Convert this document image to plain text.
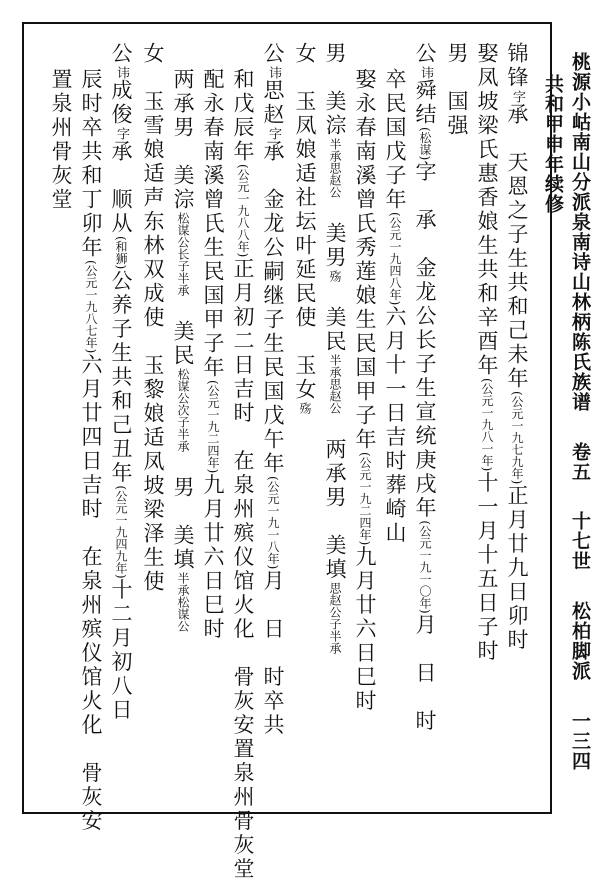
桃源小岵南山分派泉南诗山林柄陈氏族谱 卷五 十七世 松柏脚派 一三四 共和甲申年续修
锦锋字承　天恩之子生共和己未年(公元一九七九年)正月廿九日卯时
娶凤坡梁氏惠香娘生共和辛酉年(公元一九八一年)十一月十五日子时
男　国强
公讳舜结(松谋)字　承　金龙公长子生宣统庚戌年(公元一九一〇年)月　日　时
卒民国戊子年(公元一九四八年)六月十一日吉时葬崎山
娶永春南溪曾氏秀莲娘生民国甲子年(公元一九二四年)九月廿六日巳时
男　美淙半承思赵公　美男殇　美民半承思赵公　两承男　美填思赵公子半承
女　玉凤娘适社坛叶延民使　玉女殇
公讳思赵字承　金龙公嗣继子生民国戊午年(公元一九一八年)月　日　时卒共
和戊辰年(公元一九八八年)正月初二日吉时　在泉州殡仪馆火化　骨灰安置泉州骨灰堂
配永春南溪曾氏生民国甲子年(公元一九二四年)九月廿六日巳时
两承男　美淙松谋公长子半承　美民松谋公次子半承　男　美填半承松谋公
女　玉雪娘适声东林双成使　玉黎娘适凤坡梁泽生使
公讳成俊字承　顺从(和狮)公养子生共和己丑年(公元一九四九年)十二月初八日
辰时卒共和丁卯年(公元一九八七年)六月廿四日吉时　在泉州殡仪馆火化　骨灰安
置泉州骨灰堂
